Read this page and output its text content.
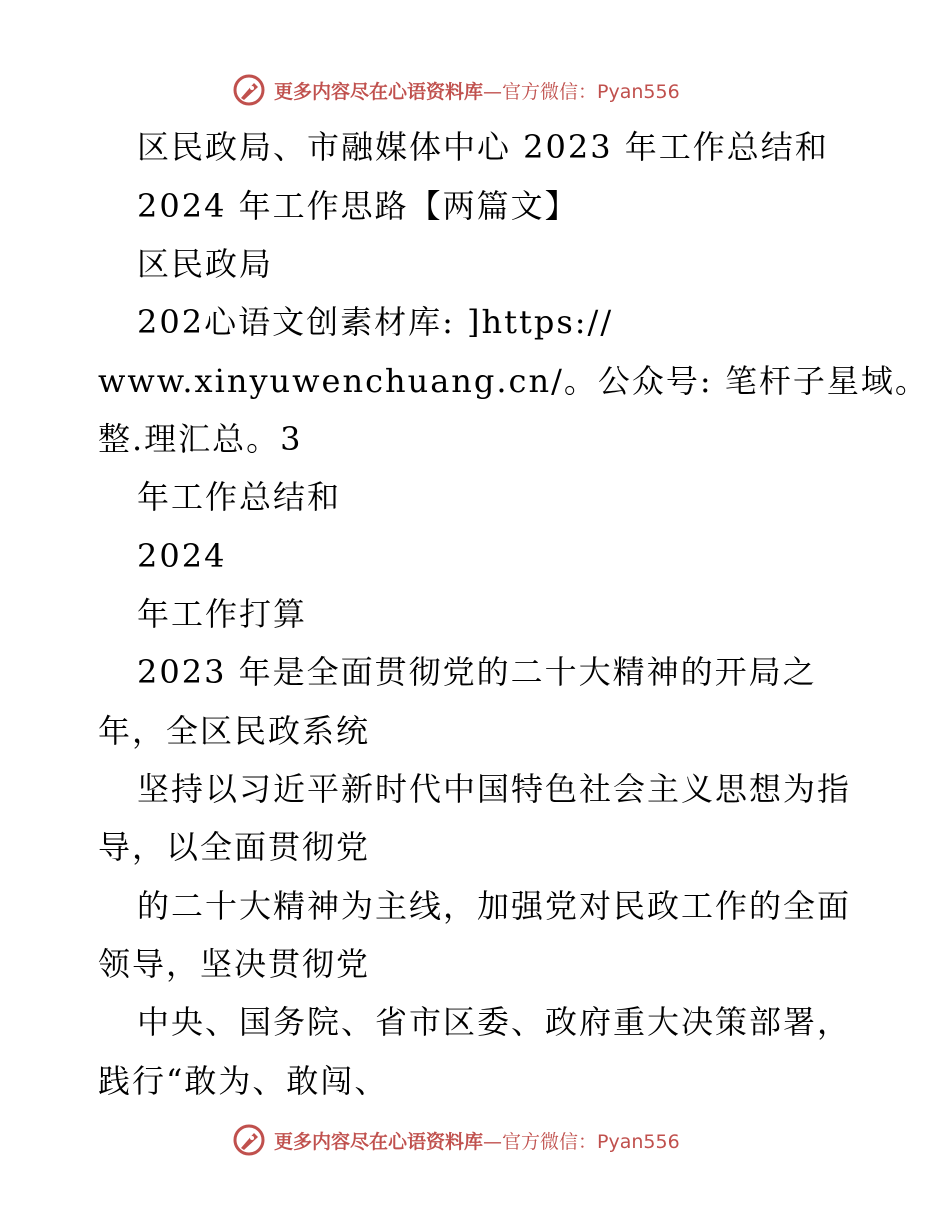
更多内容尽在心语资料库 —官方微信：Pyan556
区民政局、市融媒体中心 2023 年工作总结和
2024 年工作思路【两篇文】
区民政局
202心语文创素材库: ]https://
www.xinyuwenchuang.cn/。公众号: 笔杆子星域。
整.理汇总。3
年工作总结和
2024
年工作打算
2023 年是全面贯彻党的二十大精神的开局之
年，全区民政系统
坚持以习近平新时代中国特色社会主义思想为指
导，以全面贯彻党
的二十大精神为主线，加强党对民政工作的全面
领导，坚决贯彻党
中央、国务院、省市区委、政府重大决策部署，
践行“敢为、敢闯、
更多内容尽在心语资料库 —官方微信：Pyan556
